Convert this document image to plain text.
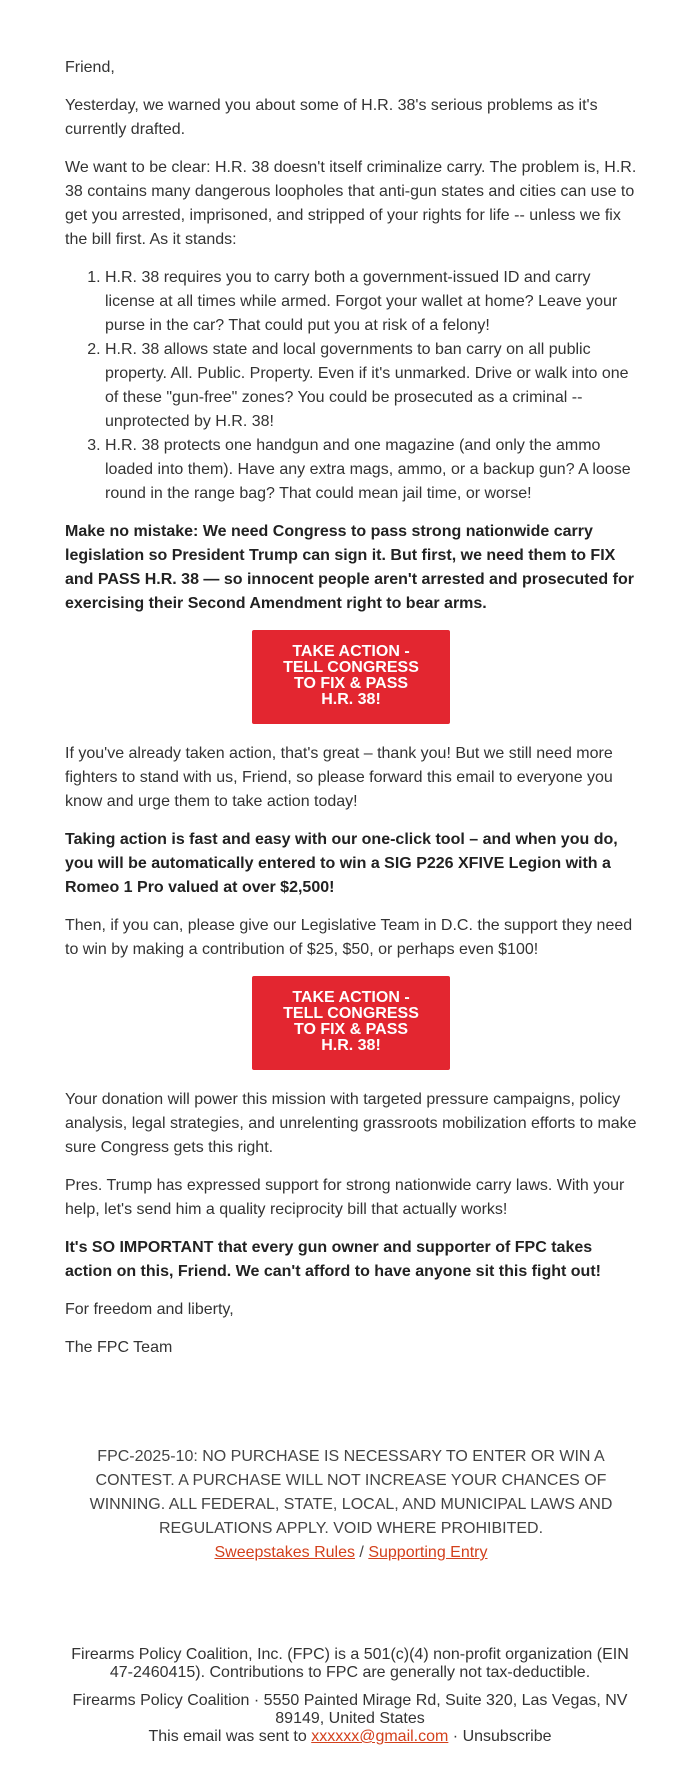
Friend,

Yesterday, we warned you about some of H.R. 38's serious problems as it's currently drafted.

We want to be clear: H.R. 38 doesn't itself criminalize carry. The problem is, H.R. 38 contains many dangerous loopholes that anti-gun states and cities can use to get you arrested, imprisoned, and stripped of your rights for life -- unless we fix the bill first. As it stands:

1. H.R. 38 requires you to carry both a government-issued ID and carry license at all times while armed. Forgot your wallet at home? Leave your purse in the car? That could put you at risk of a felony!
2. H.R. 38 allows state and local governments to ban carry on all public property. All. Public. Property. Even if it's unmarked. Drive or walk into one of these "gun-free" zones? You could be prosecuted as a criminal -- unprotected by H.R. 38!
3. H.R. 38 protects one handgun and one magazine (and only the ammo loaded into them). Have any extra mags, ammo, or a backup gun? A loose round in the range bag? That could mean jail time, or worse!

Make no mistake: We need Congress to pass strong nationwide carry legislation so President Trump can sign it. But first, we need them to FIX and PASS H.R. 38 — so innocent people aren't arrested and prosecuted for exercising their Second Amendment right to bear arms.

TAKE ACTION -
TELL CONGRESS
TO FIX & PASS
H.R. 38!

If you've already taken action, that's great – thank you! But we still need more fighters to stand with us, Friend, so please forward this email to everyone you know and urge them to take action today!

Taking action is fast and easy with our one-click tool – and when you do, you will be automatically entered to win a SIG P226 XFIVE Legion with a Romeo 1 Pro valued at over $2,500!

Then, if you can, please give our Legislative Team in D.C. the support they need to win by making a contribution of $25, $50, or perhaps even $100!

TAKE ACTION -
TELL CONGRESS
TO FIX & PASS
H.R. 38!

Your donation will power this mission with targeted pressure campaigns, policy analysis, legal strategies, and unrelenting grassroots mobilization efforts to make sure Congress gets this right.

Pres. Trump has expressed support for strong nationwide carry laws. With your help, let's send him a quality reciprocity bill that actually works!

It's SO IMPORTANT that every gun owner and supporter of FPC takes action on this, Friend. We can't afford to have anyone sit this fight out!

For freedom and liberty,

The FPC Team

FPC-2025-10: NO PURCHASE IS NECESSARY TO ENTER OR WIN A CONTEST. A PURCHASE WILL NOT INCREASE YOUR CHANCES OF WINNING. ALL FEDERAL, STATE, LOCAL, AND MUNICIPAL LAWS AND REGULATIONS APPLY. VOID WHERE PROHIBITED.
Sweepstakes Rules / Supporting Entry

Firearms Policy Coalition, Inc. (FPC) is a 501(c)(4) non-profit organization (EIN 47-2460415). Contributions to FPC are generally not tax-deductible.

Firearms Policy Coalition · 5550 Painted Mirage Rd, Suite 320, Las Vegas, NV 89149, United States
This email was sent to xxxxxx@gmail.com · Unsubscribe
